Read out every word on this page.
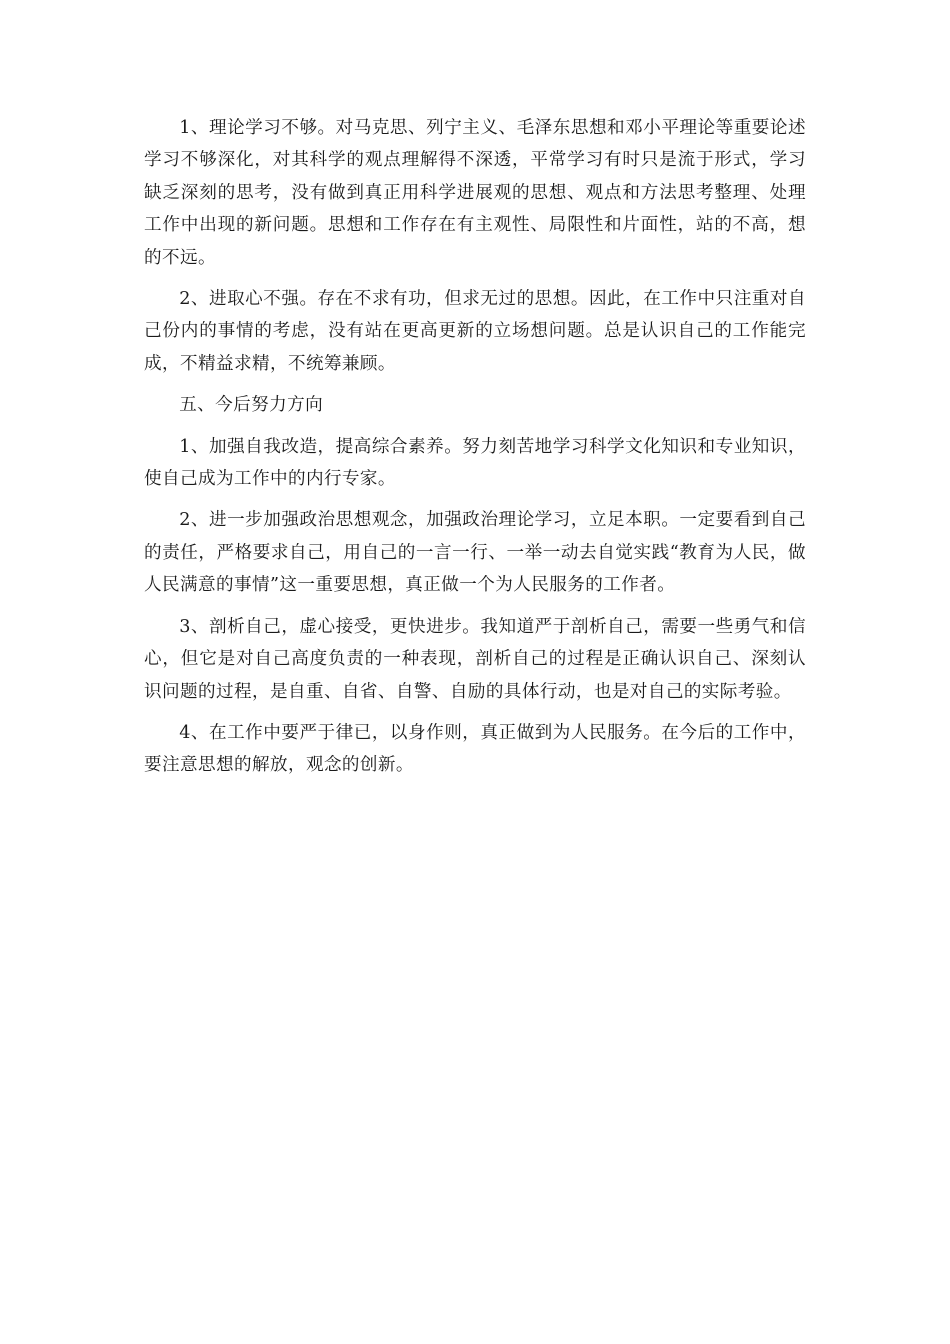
1、理论学习不够。对马克思、列宁主义、毛泽东思想和邓小平理论等重要论述学习不够深化，对其科学的观点理解得不深透，平常学习有时只是流于形式，学习缺乏深刻的思考，没有做到真正用科学进展观的思想、观点和方法思考整理、处理工作中出现的新问题。思想和工作存在有主观性、局限性和片面性，站的不高，想的不远。

2、进取心不强。存在不求有功，但求无过的思想。因此，在工作中只注重对自己份内的事情的考虑，没有站在更高更新的立场想问题。总是认识自己的工作能完成，不精益求精，不统筹兼顾。

五、今后努力方向

1、加强自我改造，提高综合素养。努力刻苦地学习科学文化知识和专业知识，使自己成为工作中的内行专家。

2、进一步加强政治思想观念，加强政治理论学习，立足本职。一定要看到自己的责任，严格要求自己，用自己的一言一行、一举一动去自觉实践“教育为人民，做人民满意的事情”这一重要思想，真正做一个为人民服务的工作者。

3、剖析自己，虚心接受，更快进步。我知道严于剖析自己，需要一些勇气和信心，但它是对自己高度负责的一种表现，剖析自己的过程是正确认识自己、深刻认识问题的过程，是自重、自省、自警、自励的具体行动，也是对自己的实际考验。

4、在工作中要严于律已，以身作则，真正做到为人民服务。在今后的工作中，要注意思想的解放，观念的创新。
